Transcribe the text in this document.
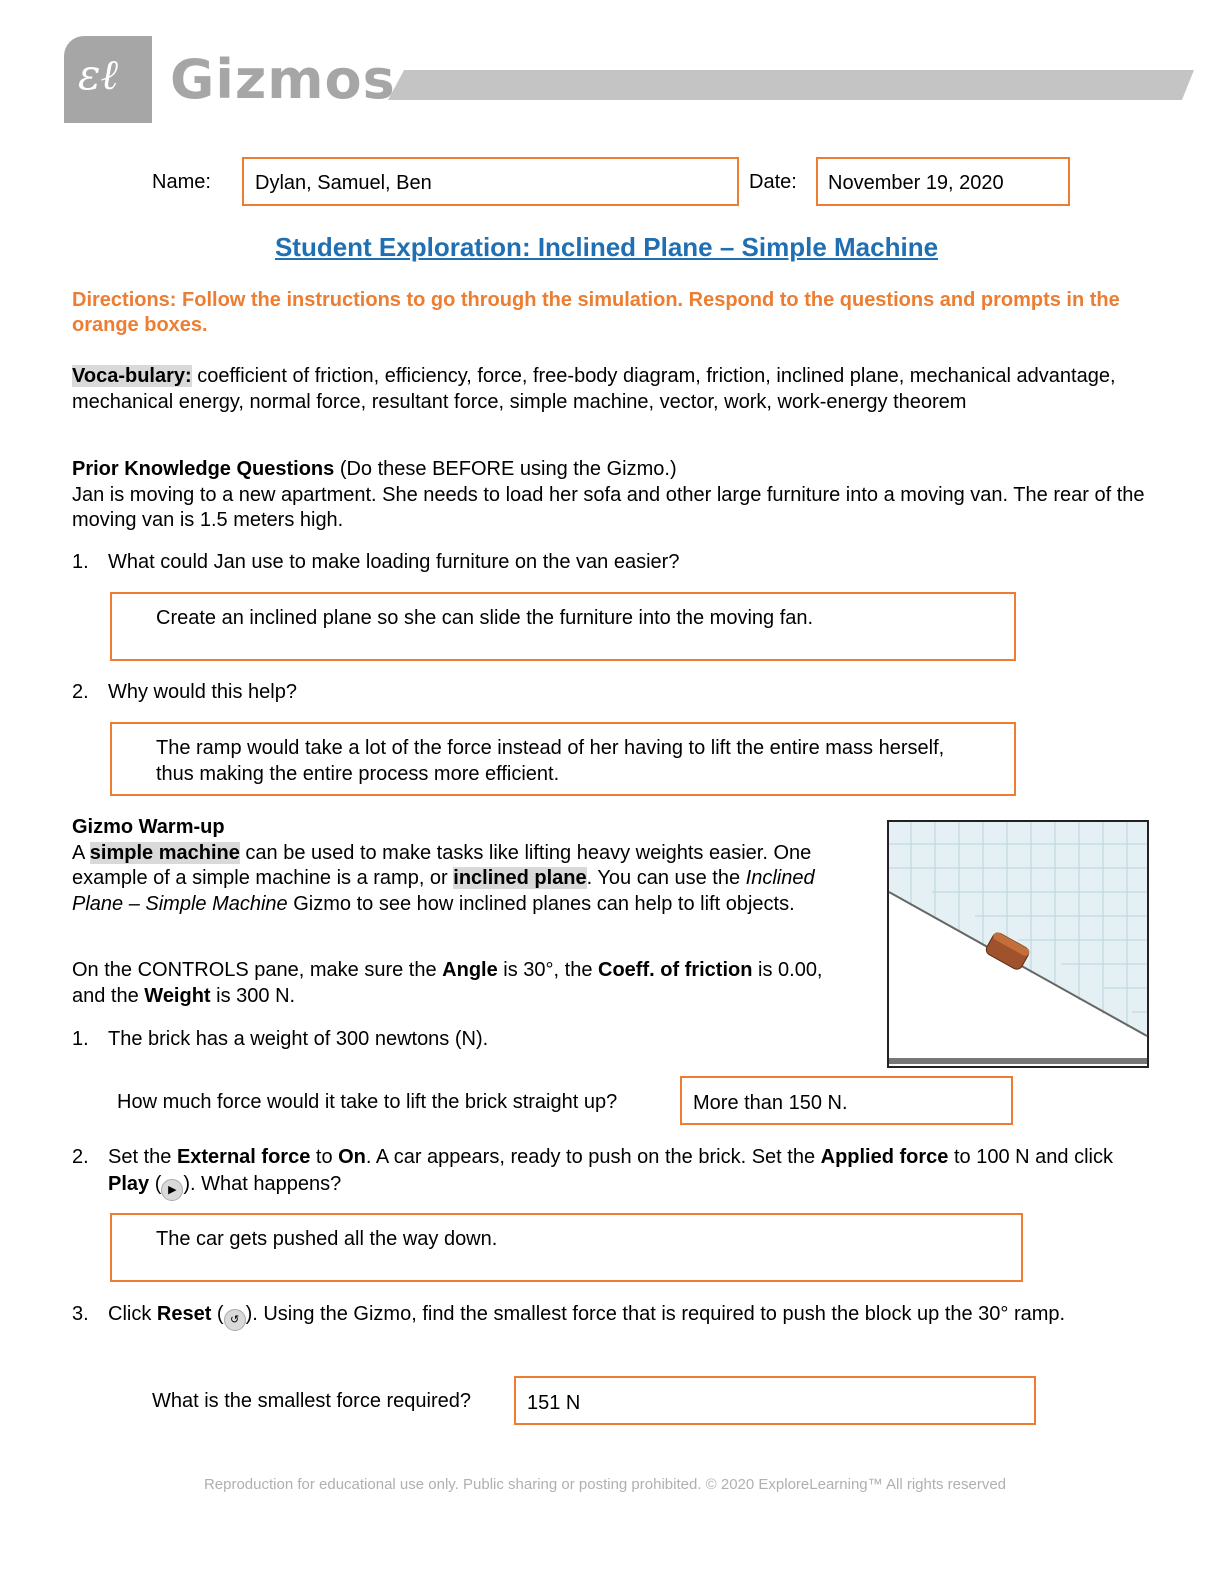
ɛℓ Gizmos
Name: Dylan, Samuel, Ben	Date: November 19, 2020
Student Exploration: Inclined Plane – Simple Machine
Directions: Follow the instructions to go through the simulation. Respond to the questions and prompts in the orange boxes.
Voca-bulary: coefficient of friction, efficiency, force, free-body diagram, friction, inclined plane, mechanical advantage, mechanical energy, normal force, resultant force, simple machine, vector, work, work-energy theorem
Prior Knowledge Questions (Do these BEFORE using the Gizmo.)
Jan is moving to a new apartment. She needs to load her sofa and other large furniture into a moving van. The rear of the moving van is 1.5 meters high.
1. What could Jan use to make loading furniture on the van easier?
Create an inclined plane so she can slide the furniture into the moving fan.
2. Why would this help?
The ramp would take a lot of the force instead of her having to lift the entire mass herself, thus making the entire process more efficient.
Gizmo Warm-up
A simple machine can be used to make tasks like lifting heavy weights easier. One example of a simple machine is a ramp, or inclined plane. You can use the Inclined Plane – Simple Machine Gizmo to see how inclined planes can help to lift objects.
On the CONTROLS pane, make sure the Angle is 30°, the Coeff. of friction is 0.00, and the Weight is 300 N.
1. The brick has a weight of 300 newtons (N).
How much force would it take to lift the brick straight up?	More than 150 N.
2. Set the External force to On. A car appears, ready to push on the brick. Set the Applied force to 100 N and click
Play ( ▶ ). What happens?
The car gets pushed all the way down.
3. Click Reset ( ↺ ). Using the Gizmo, find the smallest force that is required to push the block up the 30° ramp.
What is the smallest force required?	151 N
Reproduction for educational use only. Public sharing or posting prohibited. © 2020 ExploreLearning™ All rights reserved
